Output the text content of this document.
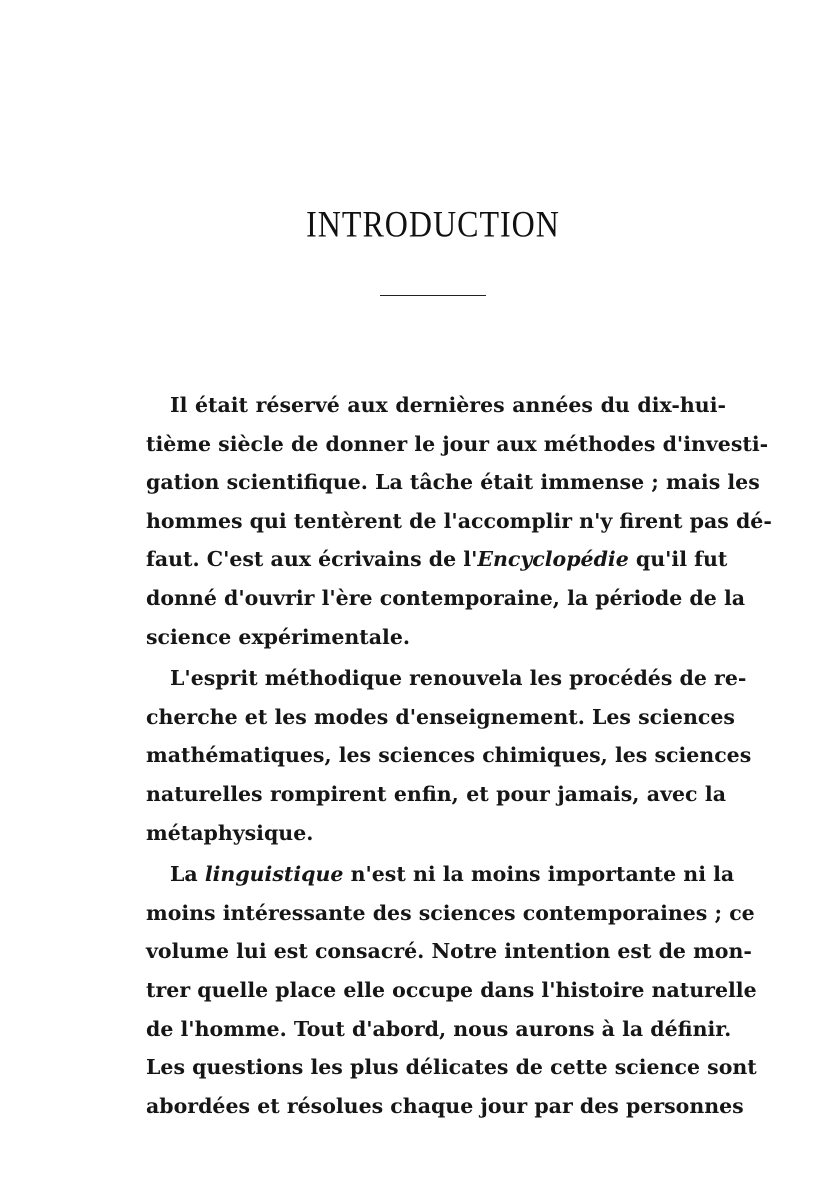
INTRODUCTION
Il était réservé aux dernières années du dix-hui-
tième siècle de donner le jour aux méthodes d'investi-
gation scientifique. La tâche était immense ; mais les
hommes qui tentèrent de l'accomplir n'y firent pas dé-
faut. C'est aux écrivains de l'Encyclopédie qu'il fut
donné d'ouvrir l'ère contemporaine, la période de la
science expérimentale.
L'esprit méthodique renouvela les procédés de re-
cherche et les modes d'enseignement. Les sciences
mathématiques, les sciences chimiques, les sciences
naturelles rompirent enfin, et pour jamais, avec la
métaphysique.
La linguistique n'est ni la moins importante ni la
moins intéressante des sciences contemporaines ; ce
volume lui est consacré. Notre intention est de mon-
trer quelle place elle occupe dans l'histoire naturelle
de l'homme. Tout d'abord, nous aurons à la définir.
Les questions les plus délicates de cette science sont
abordées et résolues chaque jour par des personnes
